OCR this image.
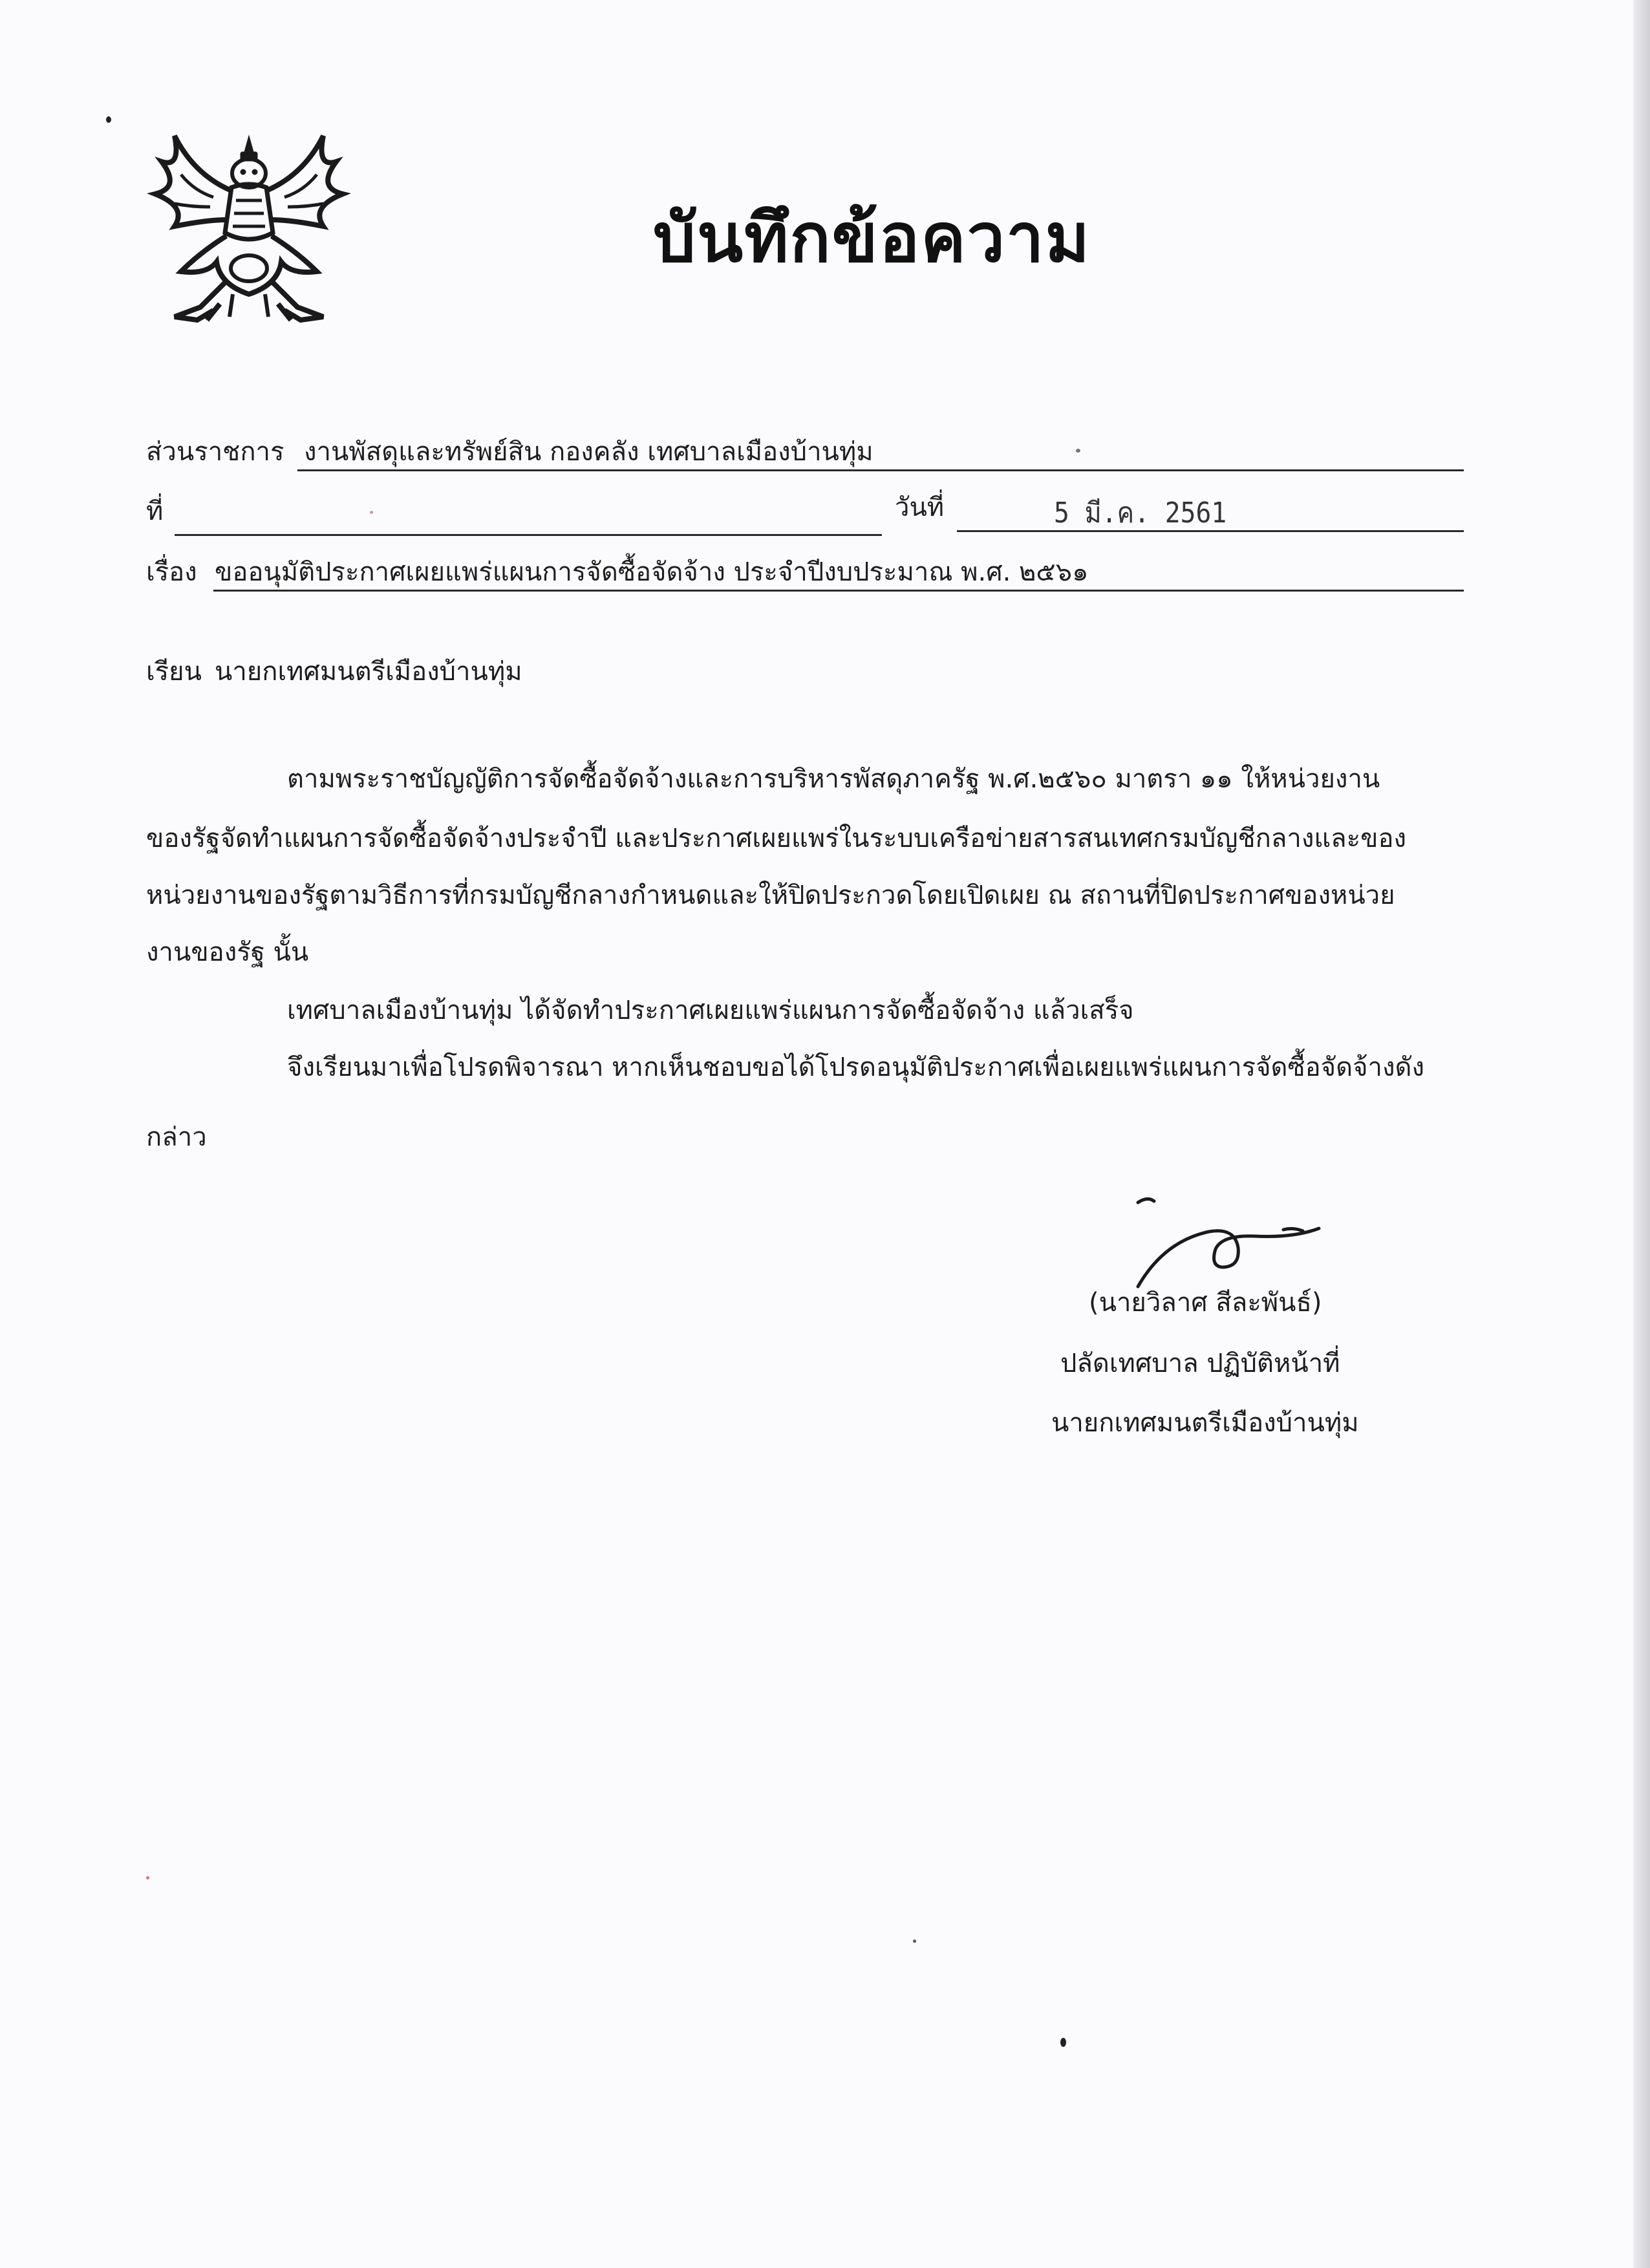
บันทึกข้อความ
ส่วนราชการ งานพัสดุและทรัพย์สิน กองคลัง เทศบาลเมืองบ้านทุ่ม
ที่	วันที่	5 มี.ค. 2561
เรื่อง ขออนุมัติประกาศเผยแพร่แผนการจัดซื้อจัดจ้าง ประจำปีงบประมาณ พ.ศ. ๒๕๖๑
เรียน นายกเทศมนตรีเมืองบ้านทุ่ม
ตามพระราชบัญญัติการจัดซื้อจัดจ้างและการบริหารพัสดุภาครัฐ พ.ศ.๒๕๖๐ มาตรา ๑๑ ให้หน่วยงาน
ของรัฐจัดทำแผนการจัดซื้อจัดจ้างประจำปี และประกาศเผยแพร่ในระบบเครือข่ายสารสนเทศกรมบัญชีกลางและของ
หน่วยงานของรัฐตามวิธีการที่กรมบัญชีกลางกำหนดและให้ปิดประกวดโดยเปิดเผย ณ สถานที่ปิดประกาศของหน่วย
งานของรัฐ นั้น
เทศบาลเมืองบ้านทุ่ม ได้จัดทำประกาศเผยแพร่แผนการจัดซื้อจัดจ้าง แล้วเสร็จ
จึงเรียนมาเพื่อโปรดพิจารณา หากเห็นชอบขอได้โปรดอนุมัติประกาศเพื่อเผยแพร่แผนการจัดซื้อจัดจ้างดัง
กล่าว
(นายวิลาศ สีละพันธ์)
ปลัดเทศบาล ปฏิบัติหน้าที่
นายกเทศมนตรีเมืองบ้านทุ่ม
